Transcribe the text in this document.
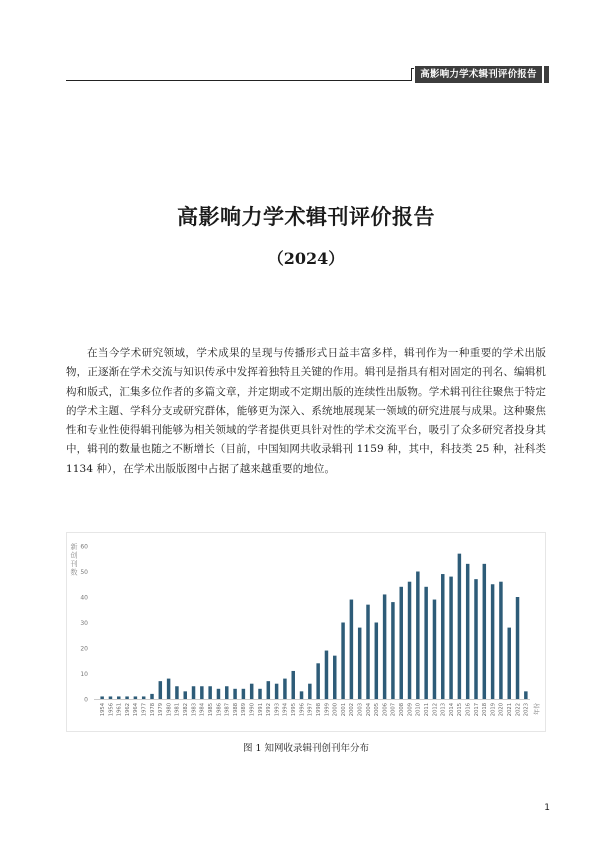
高影响力学术辑刊评价报告
高影响力学术辑刊评价报告
（2024）

在当今学术研究领域，学术成果的呈现与传播形式日益丰富多样，辑刊作为一种重要的学术出版物，正逐渐在学术交流与知识传承中发挥着独特且关键的作用。辑刊是指具有相对固定的刊名、编辑机构和版式，汇集多位作者的多篇文章，并定期或不定期出版的连续性出版物。学术辑刊往往聚焦于特定的学术主题、学科分支或研究群体，能够更为深入、系统地展现某一领域的研究进展与成果。这种聚焦性和专业性使得辑刊能够为相关领域的学者提供更具针对性的学术交流平台，吸引了众多研究者投身其中，辑刊的数量也随之不断增长（目前，中国知网共收录辑刊 1159 种，其中，科技类 25 种，社科类 1134 种），在学术出版版图中占据了越来越重要的地位。

新
创
刊
数
0
10
20
30
40
50
60
1954 1956 1961 1962 1964 1977 1978 1979 1980 1981 1982 1983 1984 1985 1986 1987 1988 1989 1990 1991 1992 1993 1994 1995 1996 1997 1998 1999 2000 2001 2002 2003 2004 2005 2006 2007 2008 2009 2010 2011 2012 2013 2014 2015 2016 2017 2018 2019 2020 2021 2022 2023 年份
图 1 知网收录辑刊创刊年分布
1
